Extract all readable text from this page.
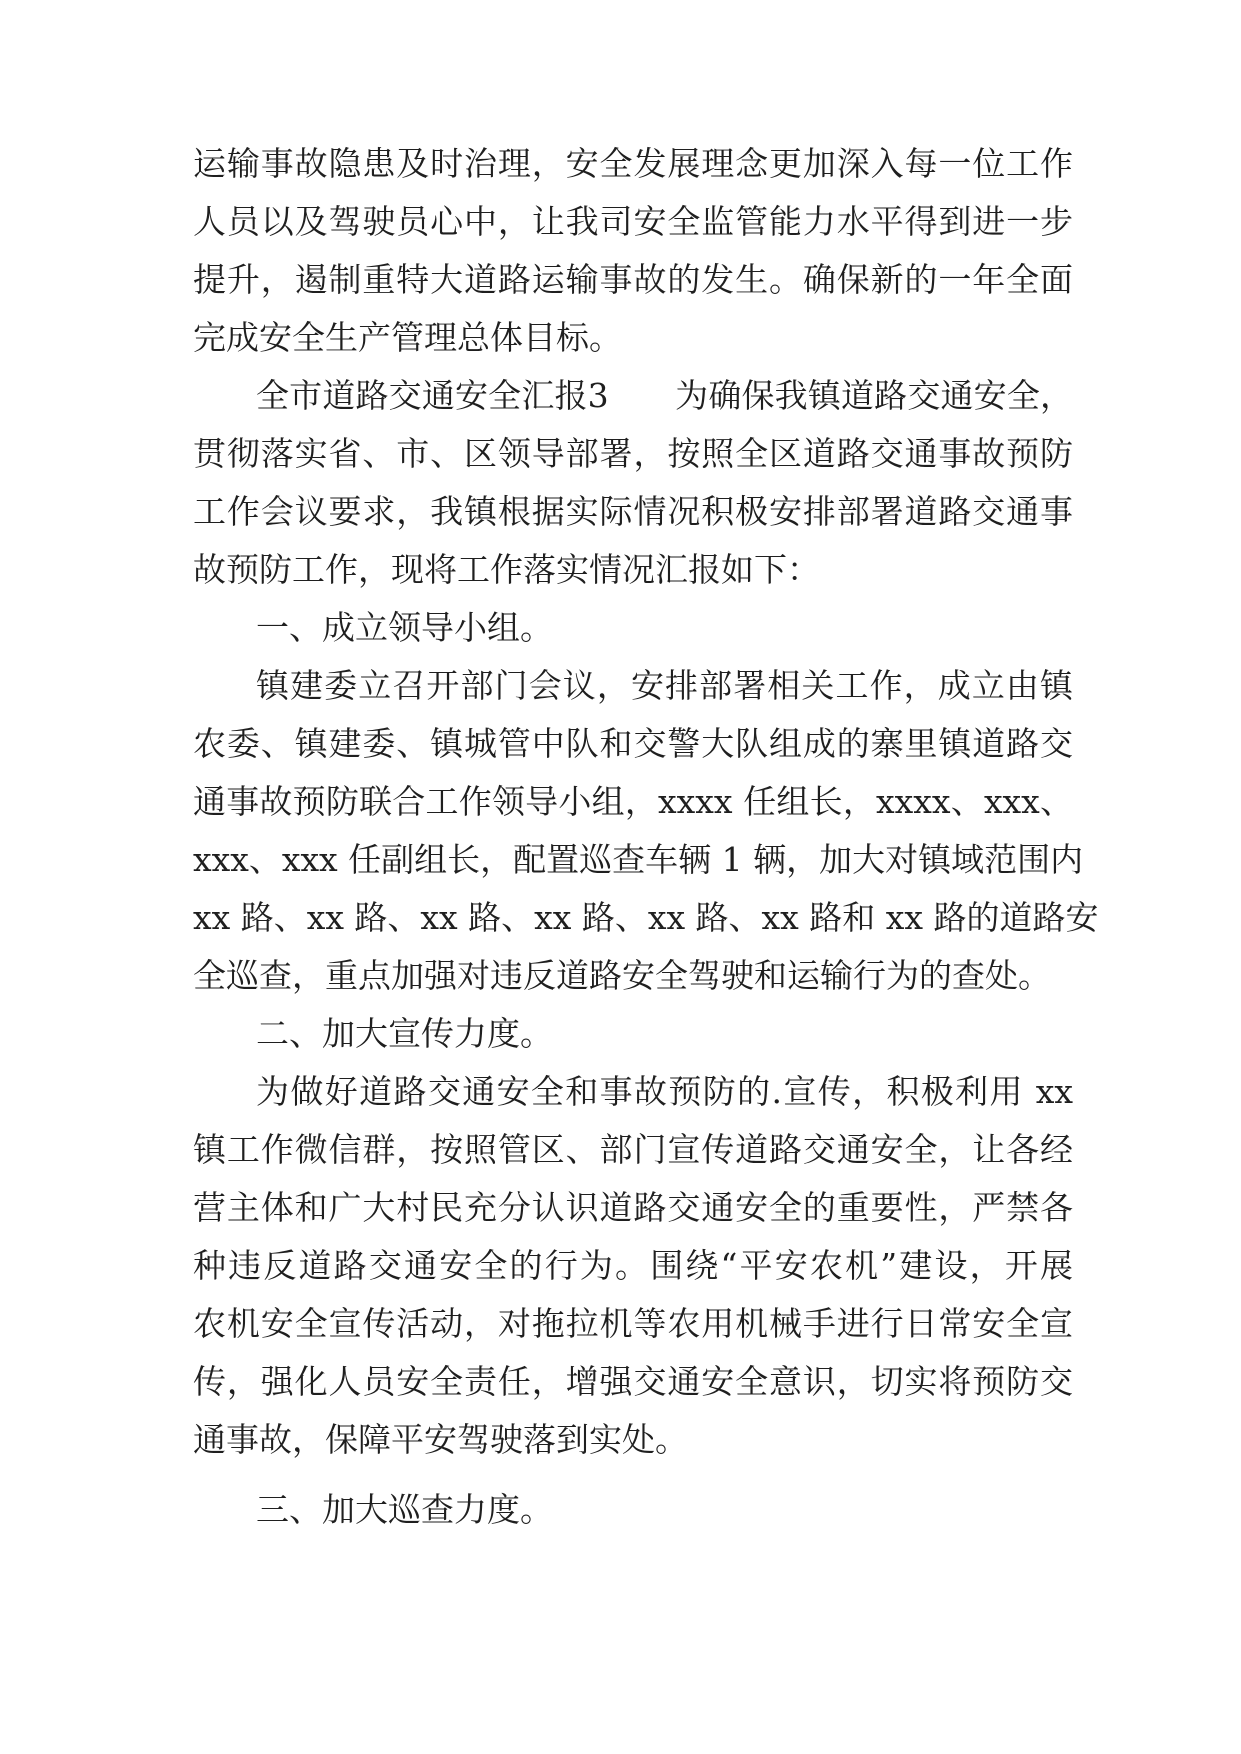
运输事故隐患及时治理，安全发展理念更加深入每一位工作

人员以及驾驶员心中，让我司安全监管能力水平得到进一步

提升，遏制重特大道路运输事故的发生。确保新的一年全面

完成安全生产管理总体目标。

全市道路交通安全汇报3　　为确保我镇道路交通安全，

贯彻落实省、市、区领导部署，按照全区道路交通事故预防

工作会议要求，我镇根据实际情况积极安排部署道路交通事

故预防工作，现将工作落实情况汇报如下：

一、成立领导小组。

镇建委立召开部门会议，安排部署相关工作，成立由镇

农委、镇建委、镇城管中队和交警大队组成的寨里镇道路交

通事故预防联合工作领导小组，xxxx 任组长，xxxx、xxx、

xxx、xxx 任副组长，配置巡查车辆 1 辆，加大对镇域范围内

xx 路、xx 路、xx 路、xx 路、xx 路、xx 路和 xx 路的道路安

全巡查，重点加强对违反道路安全驾驶和运输行为的查处。

二、加大宣传力度。

为做好道路交通安全和事故预防的.宣传，积极利用 xx

镇工作微信群，按照管区、部门宣传道路交通安全，让各经

营主体和广大村民充分认识道路交通安全的重要性，严禁各

种违反道路交通安全的行为。围绕“平安农机”建设，开展

农机安全宣传活动，对拖拉机等农用机械手进行日常安全宣

传，强化人员安全责任，增强交通安全意识，切实将预防交

通事故，保障平安驾驶落到实处。

三、加大巡查力度。
